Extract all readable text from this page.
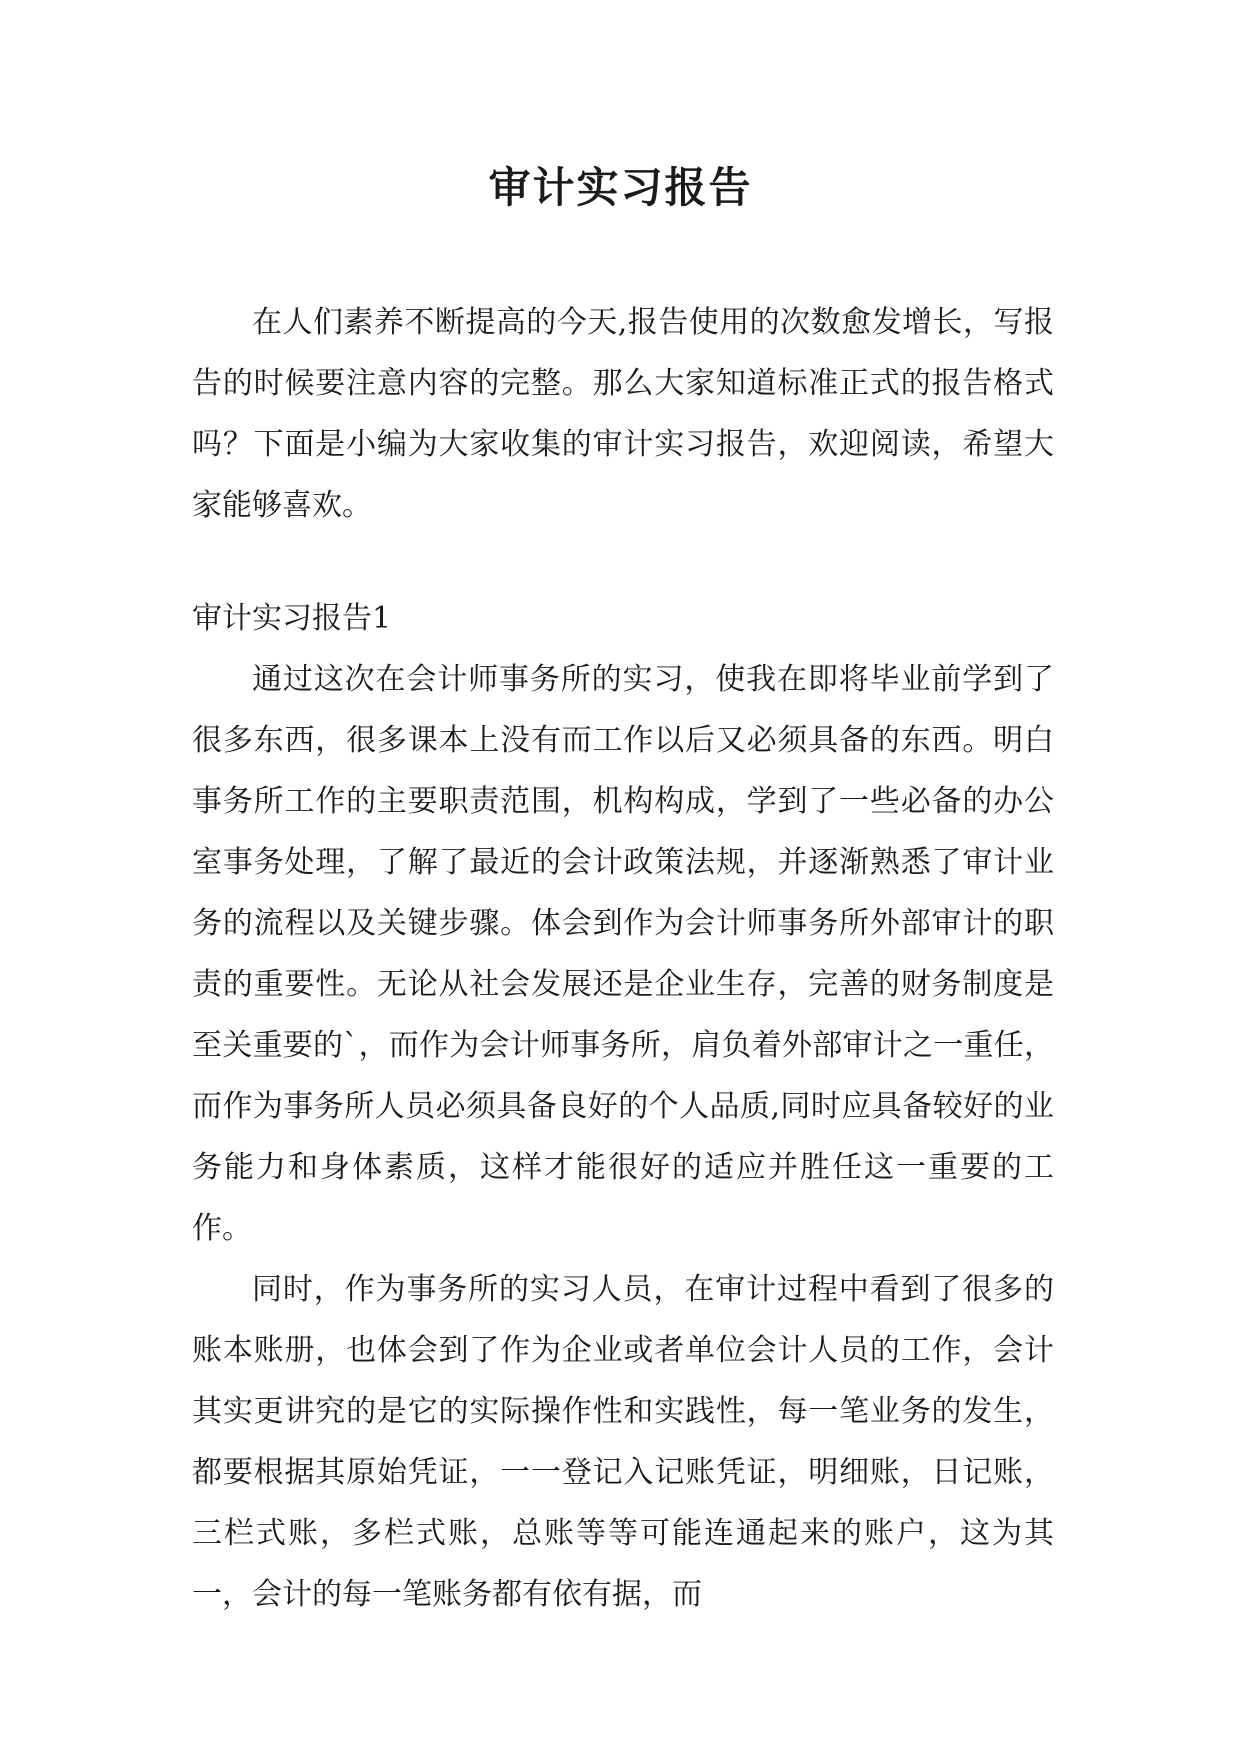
审计实习报告

在人们素养不断提高的今天,报告使用的次数愈发增长，写报告的时候要注意内容的完整。那么大家知道标准正式的报告格式吗？下面是小编为大家收集的审计实习报告，欢迎阅读，希望大家能够喜欢。

审计实习报告1

通过这次在会计师事务所的实习，使我在即将毕业前学到了很多东西，很多课本上没有而工作以后又必须具备的东西。明白事务所工作的主要职责范围，机构构成，学到了一些必备的办公室事务处理，了解了最近的会计政策法规，并逐渐熟悉了审计业务的流程以及关键步骤。体会到作为会计师事务所外部审计的职责的重要性。无论从社会发展还是企业生存，完善的财务制度是至关重要的`，而作为会计师事务所，肩负着外部审计之一重任，而作为事务所人员必须具备良好的个人品质,同时应具备较好的业务能力和身体素质，这样才能很好的适应并胜任这一重要的工作。

同时，作为事务所的实习人员，在审计过程中看到了很多的账本账册，也体会到了作为企业或者单位会计人员的工作，会计其实更讲究的是它的实际操作性和实践性，每一笔业务的发生，都要根据其原始凭证，一一登记入记账凭证，明细账，日记账，三栏式账，多栏式账，总账等等可能连通起来的账户，这为其一，会计的每一笔账务都有依有据，而
